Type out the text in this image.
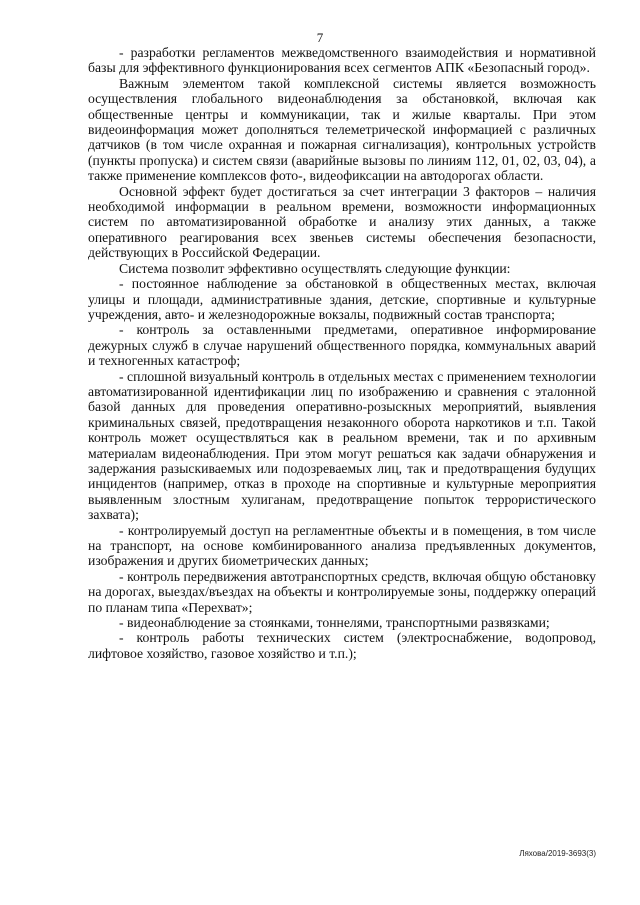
7

- разработки регламентов межведомственного взаимодействия и нормативной базы для эффективного функционирования всех сегментов АПК «Безопасный город».

Важным элементом такой комплексной системы является возможность осуществления глобального видеонаблюдения за обстановкой, включая как общественные центры и коммуникации, так и жилые кварталы. При этом видеоинформация может дополняться телеметрической информацией с различных датчиков (в том числе охранная и пожарная сигнализация), контрольных устройств (пункты пропуска) и систем связи (аварийные вызовы по линиям 112, 01, 02, 03, 04), а также применение комплексов фото-, видеофиксации на автодорогах области.

Основной эффект будет достигаться за счет интеграции 3 факторов – наличия необходимой информации в реальном времени, возможности информационных систем по автоматизированной обработке и анализу этих данных, а также оперативного реагирования всех звеньев системы обеспечения безопасности, действующих в Российской Федерации.

Система позволит эффективно осуществлять следующие функции:

- постоянное наблюдение за обстановкой в общественных местах, включая улицы и площади, административные здания, детские, спортивные и культурные учреждения, авто- и железнодорожные вокзалы, подвижный состав транспорта;

- контроль за оставленными предметами, оперативное информирование дежурных служб в случае нарушений общественного порядка, коммунальных аварий и техногенных катастроф;

- сплошной визуальный контроль в отдельных местах с применением технологии автоматизированной идентификации лиц по изображению и сравнения с эталонной базой данных для проведения оперативно-розыскных мероприятий, выявления криминальных связей, предотвращения незаконного оборота наркотиков и т.п. Такой контроль может осуществляться как в реальном времени, так и по архивным материалам видеонаблюдения. При этом могут решаться как задачи обнаружения и задержания разыскиваемых или подозреваемых лиц, так и предотвращения будущих инцидентов (например, отказ в проходе на спортивные и культурные мероприятия выявленным злостным хулиганам, предотвращение попыток террористического захвата);

- контролируемый доступ на регламентные объекты и в помещения, в том числе на транспорт, на основе комбинированного анализа предъявленных документов, изображения и других биометрических данных;

- контроль передвижения автотранспортных средств, включая общую обстановку на дорогах, выездах/въездах на объекты и контролируемые зоны, поддержку операций по планам типа «Перехват»;

- видеонаблюдение за стоянками, тоннелями, транспортными развязками;

- контроль работы технических систем (электроснабжение, водопровод, лифтовое хозяйство, газовое хозяйство и т.п.);

Ляхова/2019-3693(3)
